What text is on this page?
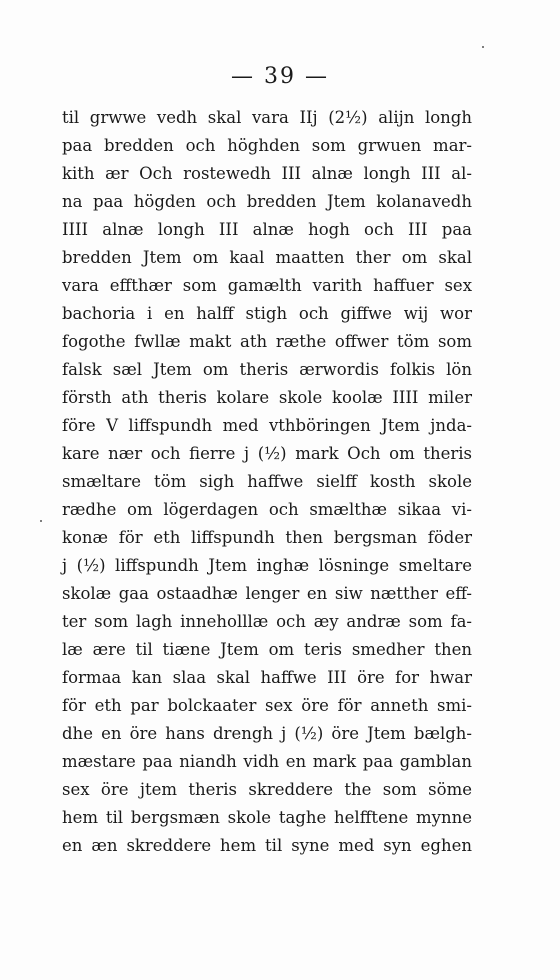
— 39 —
til grwwe vedh skal vara IIj (2½) alijn longh
paa bredden och höghden som grwuen mar-
kith ær Och rostewedh III alnæ longh III al-
na paa högden och bredden Jtem kolanavedh
IIII alnæ longh III alnæ hogh och III paa
bredden Jtem om kaal maatten ther om skal
vara effthær som gamælth varith haffuer sex
bachoria i en halff stigh och giffwe wij wor
fogothe fwllæ makt ath ræthe offwer töm som
falsk sæl Jtem om theris ærwordis folkis lön
försth ath theris kolare skole koolæ IIII miler
före V liffspundh med vthböringen Jtem jnda-
kare nær och fierre j (½) mark Och om theris
smæltare töm sigh haffwe sielff kosth skole
rædhe om lögerdagen och smælthæ sikaa vi-
konæ för eth liffspundh then bergsman föder
j (½) liffspundh Jtem inghæ lösninge smeltare
skolæ gaa ostaadhæ lenger en siw nætther eff-
ter som lagh inneholllæ och æy andræ som fa-
læ ære til tiæne Jtem om teris smedher then
formaa kan slaa skal haffwe III öre for hwar
för eth par bolckaater sex öre för anneth smi-
dhe en öre hans drengh j (½) öre Jtem bælgh-
mæstare paa niandh vidh en mark paa gamblan
sex öre jtem theris skreddere the som söme
hem til bergsmæn skole taghe helfftene mynne
en æn skreddere hem til syne med syn eghen
